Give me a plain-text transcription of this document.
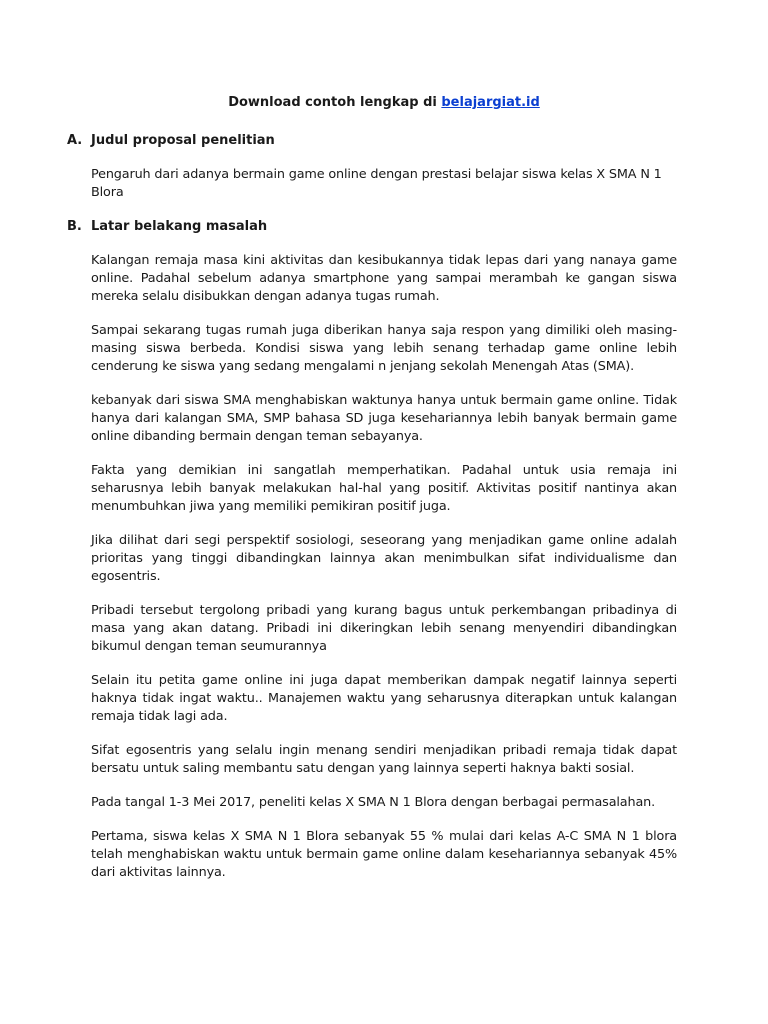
Download contoh lengkap di belajargiat.id
A. Judul proposal penelitian

Pengaruh dari adanya bermain game online dengan prestasi belajar siswa kelas X SMA N 1 Blora

B. Latar belakang masalah

Kalangan remaja masa kini aktivitas dan kesibukannya tidak lepas dari yang nanaya game online. Padahal sebelum adanya smartphone yang sampai merambah ke gangan siswa mereka selalu disibukkan dengan adanya tugas rumah.

Sampai sekarang tugas rumah juga diberikan hanya saja respon yang dimiliki oleh masing-masing siswa berbeda. Kondisi siswa yang lebih senang terhadap game online lebih cenderung ke siswa yang sedang mengalami n jenjang sekolah Menengah Atas (SMA).

kebanyak dari siswa SMA menghabiskan waktunya hanya untuk bermain game online. Tidak hanya dari kalangan SMA, SMP bahasa SD juga kesehariannya lebih banyak bermain game online dibanding bermain dengan teman sebayanya.

Fakta yang demikian ini sangatlah memperhatikan. Padahal untuk usia remaja ini seharusnya lebih banyak melakukan hal-hal yang positif. Aktivitas positif nantinya akan menumbuhkan jiwa yang memiliki pemikiran positif juga.

Jika dilihat dari segi perspektif sosiologi, seseorang yang menjadikan game online adalah prioritas yang tinggi dibandingkan lainnya akan menimbulkan sifat individualisme dan egosentris.

Pribadi tersebut tergolong pribadi yang kurang bagus untuk perkembangan pribadinya di masa yang akan datang. Pribadi ini dikeringkan lebih senang menyendiri dibandingkan bikumul dengan teman seumurannya

Selain itu petita game online ini juga dapat memberikan dampak negatif lainnya seperti haknya tidak ingat waktu.. Manajemen waktu yang seharusnya diterapkan untuk kalangan remaja tidak lagi ada.

Sifat egosentris yang selalu ingin menang sendiri menjadikan pribadi remaja tidak dapat bersatu untuk saling membantu satu dengan yang lainnya seperti haknya bakti sosial.

Pada tangal 1-3 Mei 2017, peneliti kelas X SMA N 1 Blora dengan berbagai permasalahan.

Pertama, siswa kelas X SMA N 1 Blora sebanyak 55 % mulai dari kelas A-C SMA N 1 blora telah menghabiskan waktu untuk bermain game online dalam kesehariannya sebanyak 45% dari aktivitas lainnya.
